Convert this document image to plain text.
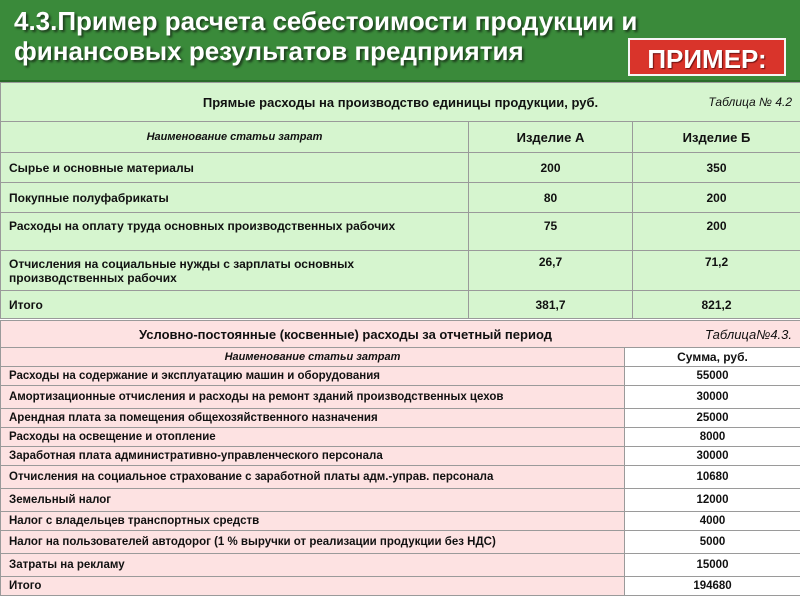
4.3.Пример расчета себестоимости продукции и финансовых результатов предприятия	ПРИМЕР:
Прямые расходы на производство единицы продукции, руб. Таблица № 4.2		

Наименование статьи затрат	Изделие А	Изделие Б
Сырье и основные материалы	200	350
Покупные полуфабрикаты	80	200
Расходы на оплату труда основных производственных рабочих	75	200
Отчисления на социальные нужды с зарплаты основных производственных рабочих	26,7	71,2
Итого	381,7	821,2
Условно-постоянные (косвенные) расходы за отчетный период Таблица№4.3.	

Наименование статьи затрат	Сумма, руб.
Расходы на содержание и эксплуатацию машин и оборудования	55000
Амортизационные отчисления и расходы на ремонт зданий производственных цехов	30000
Арендная плата за помещения общехозяйственного назначения	25000
Расходы на освещение и отопление	8000
Заработная плата административно-управленческого персонала	30000
Отчисления на социальное страхование с заработной платы адм.-управ. персонала	10680
Земельный налог	12000
Налог с владельцев транспортных средств	4000
Налог на пользователей автодорог (1 % выручки от реализации продукции без НДС)	5000
Затраты на рекламу	15000
Итого	194680
